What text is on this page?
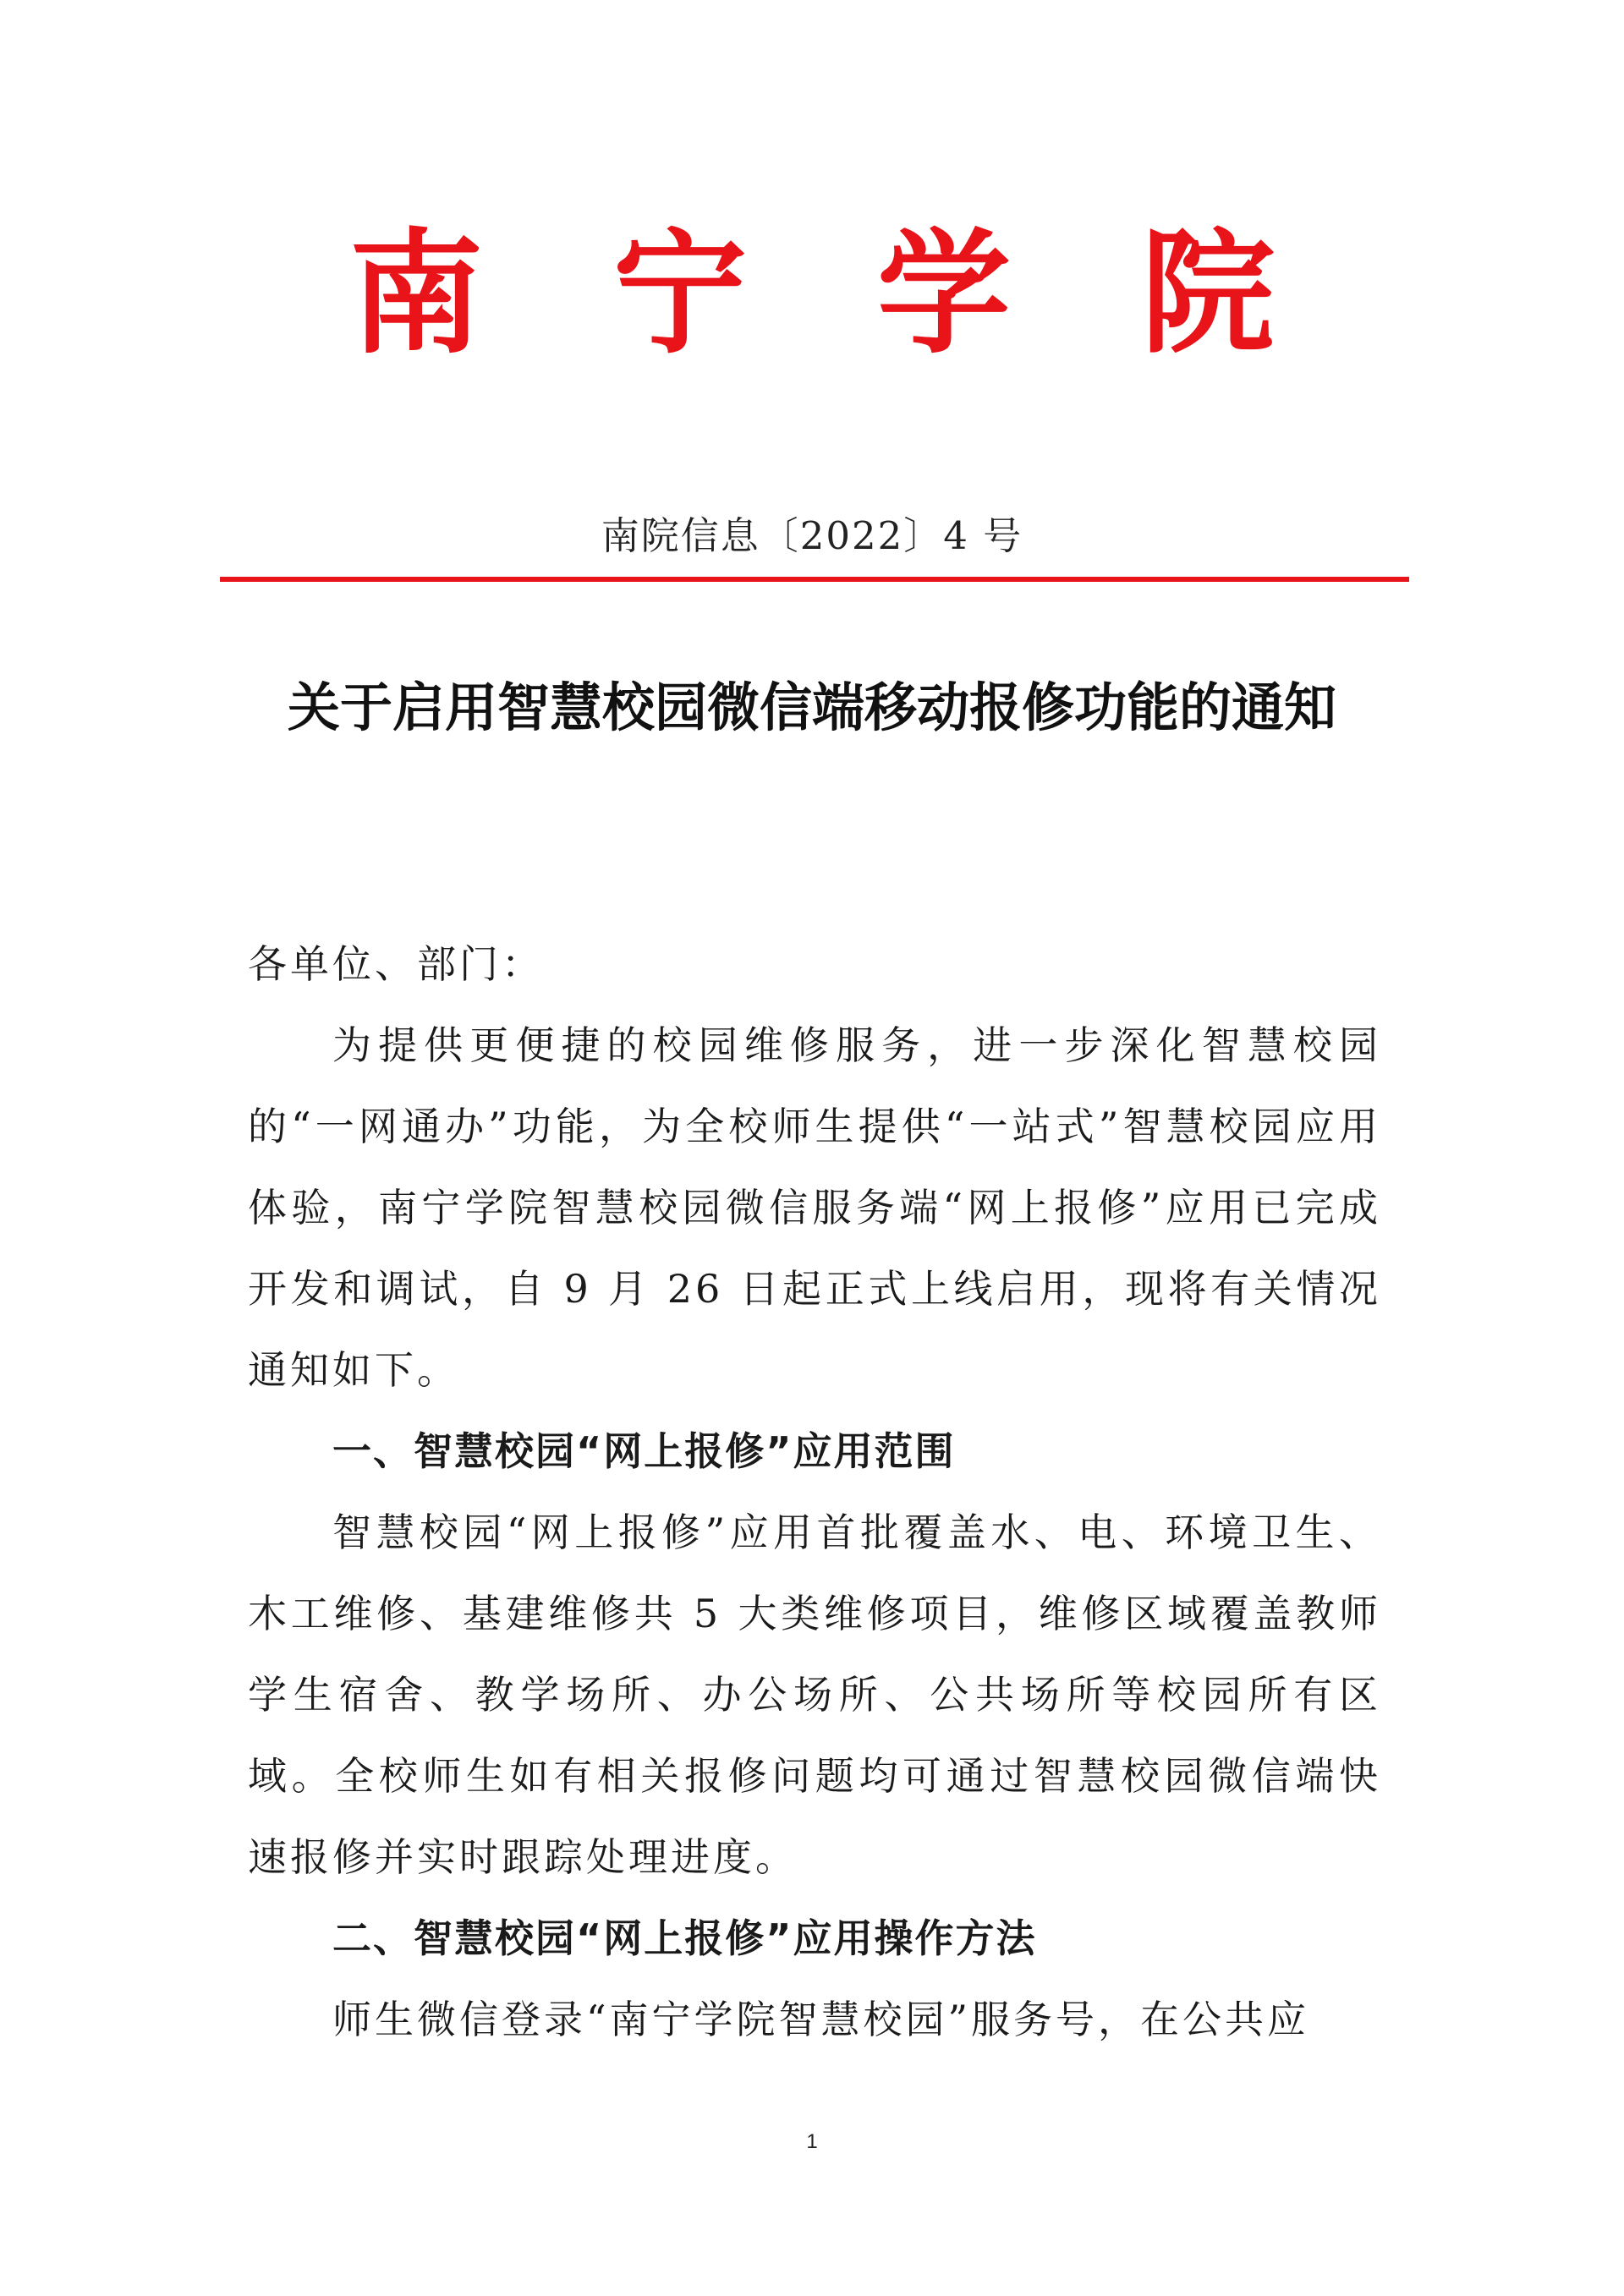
南 宁 学 院
南院信息〔2022〕4 号
关于启用智慧校园微信端移动报修功能的通知
各单位、部门：
为提供更便捷的校园维修服务，进一步深化智慧校园的“一网通办”功能，为全校师生提供“一站式”智慧校园应用体验，南宁学院智慧校园微信服务端“网上报修”应用已完成开发和调试，自 9 月 26 日起正式上线启用，现将有关情况通知如下。
一、智慧校园“网上报修”应用范围
智慧校园“网上报修”应用首批覆盖水、电、环境卫生、木工维修、基建维修共 5 大类维修项目，维修区域覆盖教师学生宿舍、教学场所、办公场所、公共场所等校园所有区域。全校师生如有相关报修问题均可通过智慧校园微信端快速报修并实时跟踪处理进度。
二、智慧校园“网上报修”应用操作方法
师生微信登录“南宁学院智慧校园”服务号，在公共应
1
